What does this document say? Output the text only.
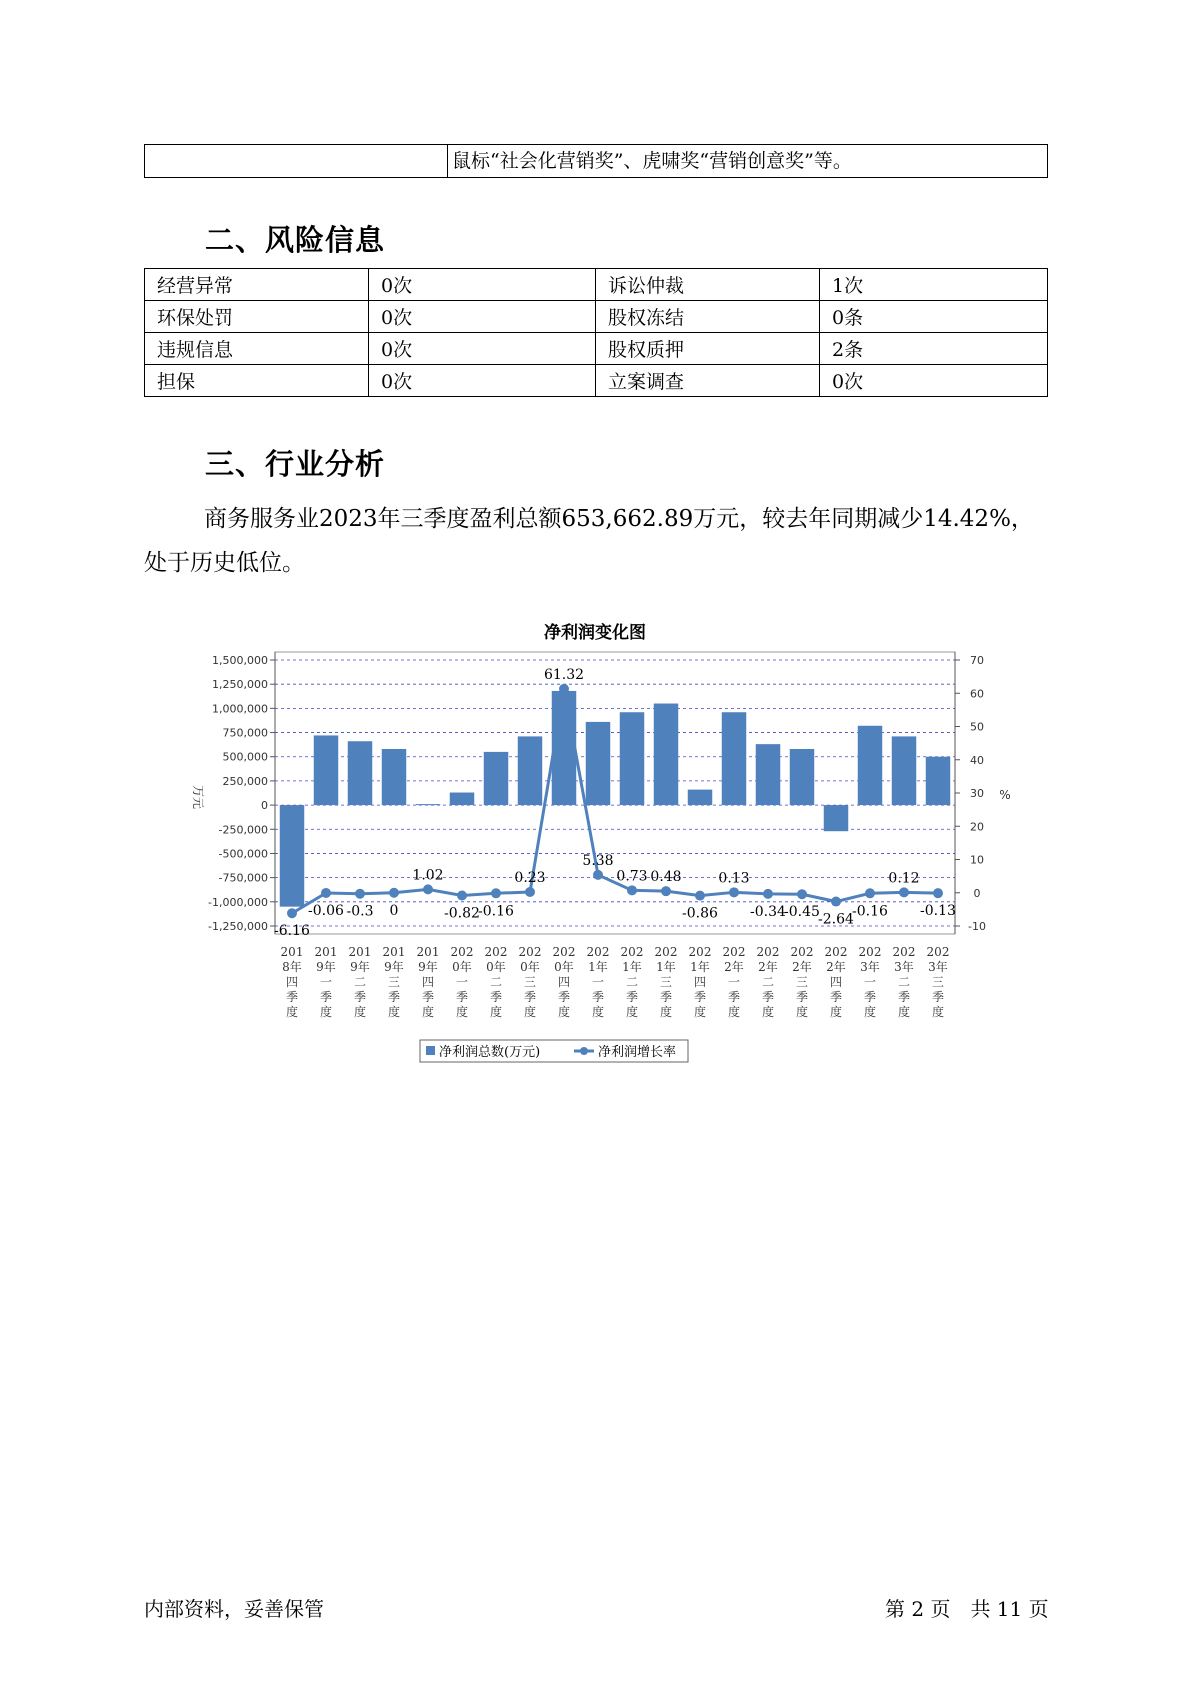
鼠标“社会化营销奖”、虎啸奖“营销创意奖”等。
二、风险信息
经营异常	0次	诉讼仲裁	1次
环保处罚	0次	股权冻结	0条
违规信息	0次	股权质押	2条
担保	0次	立案调查	0次
三、行业分析
商务服务业2023年三季度盈利总额653,662.89万元，较去年同期减少14.42%，处于历史低位。
净利润变化图
1,500,000
1,250,000
1,000,000
750,000
500,000
250,000
0
-250,000
-500,000
-750,000
-1,000,000
-1,250,000
70
60
50
40
30
20
10
0
-10
万元	%
-6.16
-0.06 -0.3 0
1.02
-0.82
-0.16
0.23
61.32
5.38
0.73 0.48
-0.86
0.13
-0.34
-0.45
-2.64
-0.16
0.12
-0.13
201 8年四季度
201 9年一季度
201 9年二季度
201 9年三季度
201 9年四季度
202 0年一季度
202 0年二季度
202 0年三季度
202 0年四季度
202 1年一季度
202 1年二季度
202 1年三季度
202 1年四季度
202 2年一季度
202 2年二季度
202 2年三季度
202 2年四季度
202 3年一季度
202 3年二季度
202 3年三季度
净利润总数(万元)	净利润增长率
内部资料，妥善保管	第 2 页　共 11 页
